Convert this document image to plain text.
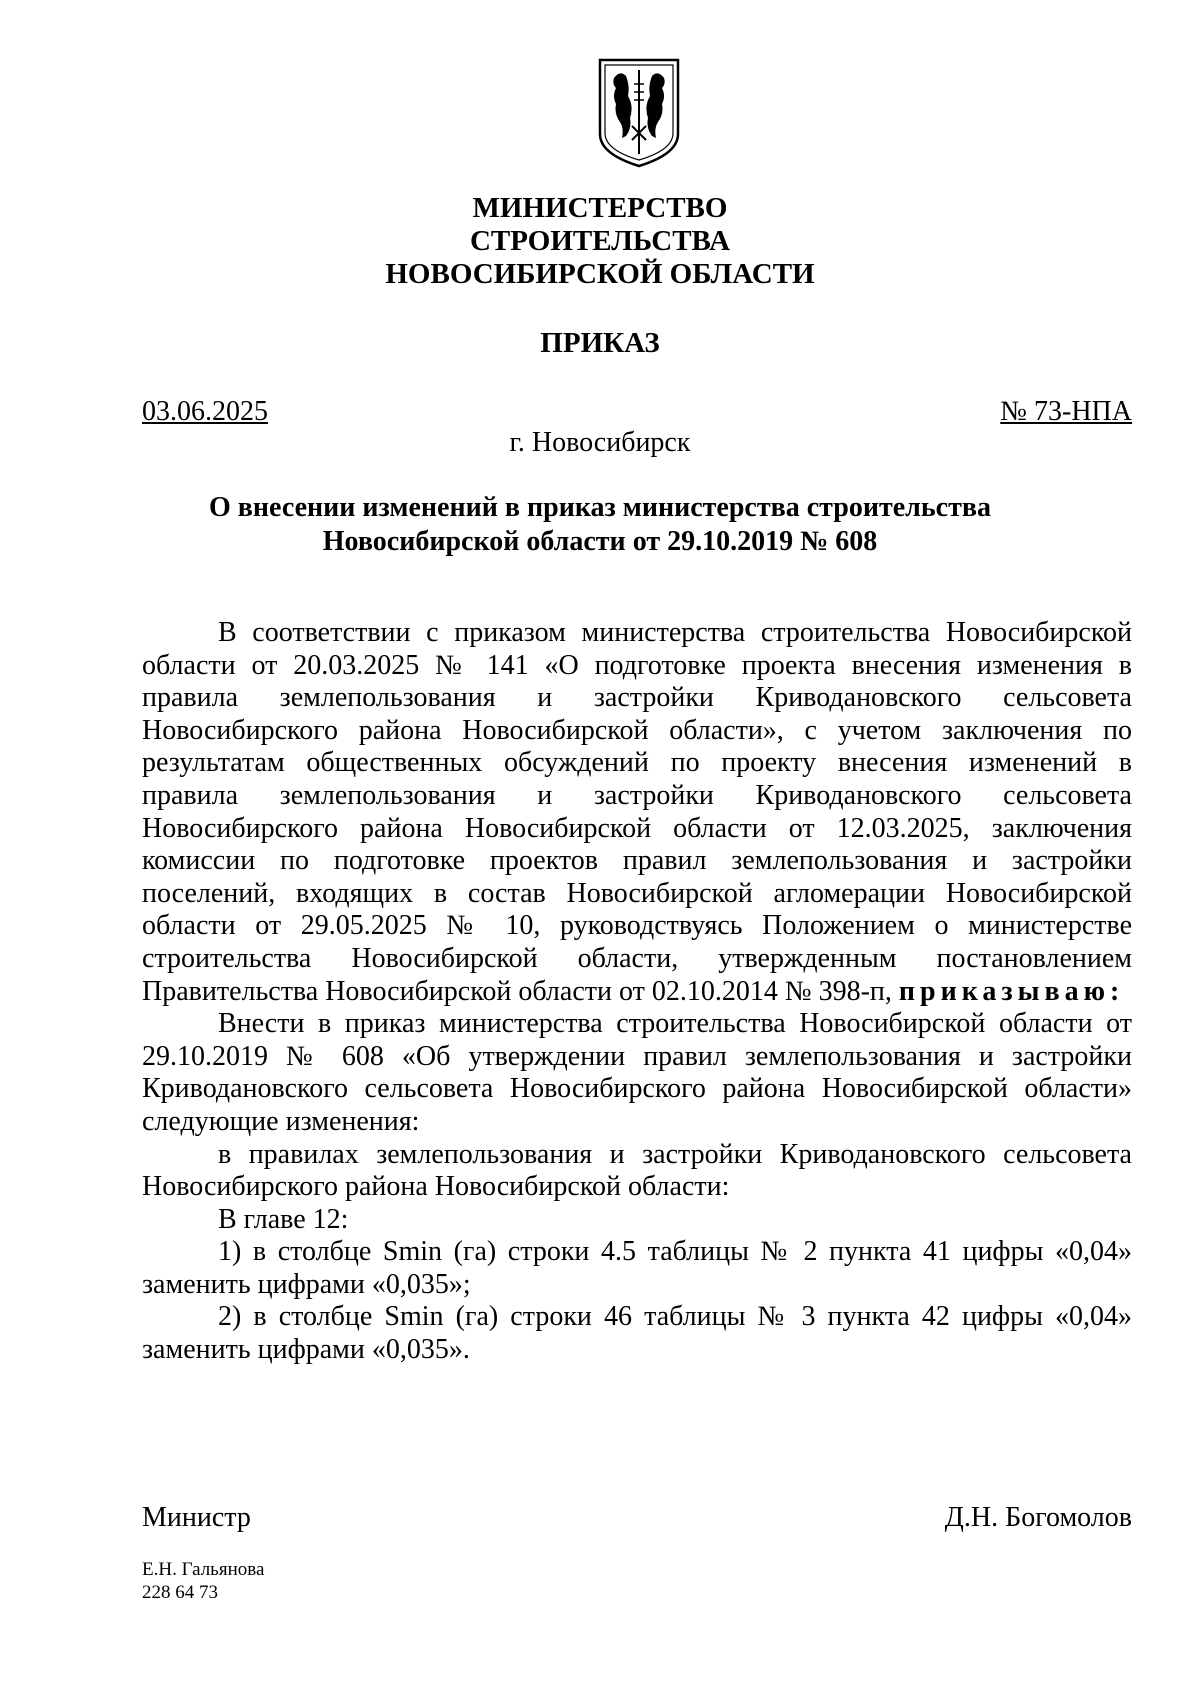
МИНИСТЕРСТВО
СТРОИТЕЛЬСТВА
НОВОСИБИРСКОЙ ОБЛАСТИ
ПРИКАЗ
03.06.2025	№ 73-НПА
г. Новосибирск
О внесении изменений в приказ министерства строительства
Новосибирской области от 29.10.2019 № 608

В соответствии с приказом министерства строительства Новосибирской области от 20.03.2025 № 141 «О подготовке проекта внесения изменения в правила землепользования и застройки Криводановского сельсовета Новосибирского района Новосибирской области», с учетом заключения по результатам общественных обсуждений по проекту внесения изменений в правила землепользования и застройки Криводановского сельсовета Новосибирского района Новосибирской области от 12.03.2025, заключения комиссии по подготовке проектов правил землепользования и застройки поселений, входящих в состав Новосибирской агломерации Новосибирской области от 29.05.2025 № 10, руководствуясь Положением о министерстве строительства Новосибирской области, утвержденным постановлением Правительства Новосибирской области от 02.10.2014 № 398-п, приказываю:

Внести в приказ министерства строительства Новосибирской области от 29.10.2019 № 608 «Об утверждении правил землепользования и застройки Криводановского сельсовета Новосибирского района Новосибирской области» следующие изменения:

в правилах землепользования и застройки Криводановского сельсовета Новосибирского района Новосибирской области:

В главе 12:

1) в столбце Smin (га) строки 4.5 таблицы № 2 пункта 41 цифры «0,04» заменить цифрами «0,035»;

2) в столбце Smin (га) строки 46 таблицы № 3 пункта 42 цифры «0,04» заменить цифрами «0,035».

Министр	Д.Н. Богомолов
Е.Н. Гальянова
228 64 73
